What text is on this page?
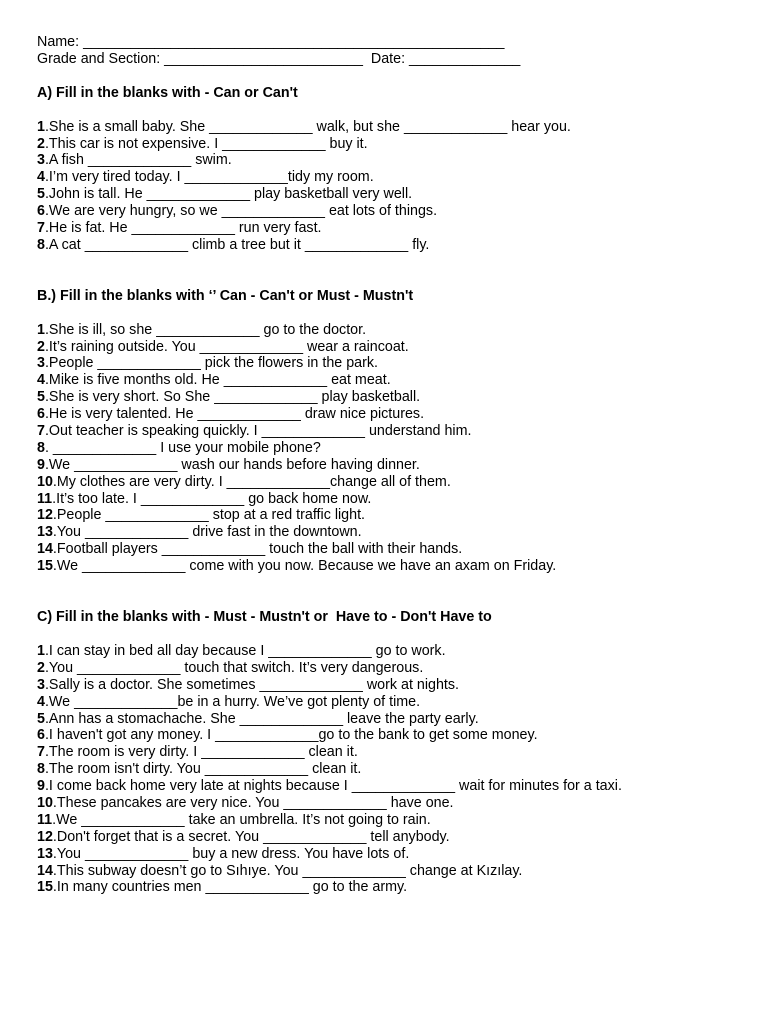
Name: _____________________________________________________
Grade and Section: _________________________  Date: ______________
A) Fill in the blanks with - Can or Can't
1.She is a small baby. She _____________ walk, but she _____________ hear you.
2.This car is not expensive. I _____________ buy it.
3.A fish _____________ swim.
4.I’m very tired today. I _____________tidy my room.
5.John is tall. He _____________ play basketball very well.
6.We are very hungry, so we _____________ eat lots of things.
7.He is fat. He _____________ run very fast.
8.A cat _____________ climb a tree but it _____________ fly.
B.) Fill in the blanks with ‘’ Can - Can't or Must - Mustn't
1.She is ill, so she _____________ go to the doctor.
2.It’s raining outside. You _____________ wear a raincoat.
3.People _____________ pick the flowers in the park.
4.Mike is five months old. He _____________ eat meat.
5.She is very short. So She _____________ play basketball.
6.He is very talented. He _____________ draw nice pictures.
7.Out teacher is speaking quickly. I _____________ understand him.
8. _____________ I use your mobile phone?
9.We _____________ wash our hands before having dinner.
10.My clothes are very dirty. I _____________change all of them.
11.It’s too late. I _____________ go back home now.
12.People _____________ stop at a red traffic light.
13.You _____________ drive fast in the downtown.
14.Football players _____________ touch the ball with their hands.
15.We _____________ come with you now. Because we have an axam on Friday.
C) Fill in the blanks with - Must - Mustn't or  Have to - Don't Have to
1.I can stay in bed all day because I _____________ go to work.
2.You _____________ touch that switch. It’s very dangerous.
3.Sally is a doctor. She sometimes _____________ work at nights.
4.We _____________be in a hurry. We’ve got plenty of time.
5.Ann has a stomachache. She _____________ leave the party early.
6.I haven't got any money. I _____________go to the bank to get some money.
7.The room is very dirty. I _____________ clean it.
8.The room isn't dirty. You _____________ clean it.
9.I come back home very late at nights because I _____________ wait for minutes for a taxi.
10.These pancakes are very nice. You _____________ have one.
11.We _____________ take an umbrella. It’s not going to rain.
12.Don't forget that is a secret. You _____________ tell anybody.
13.You _____________ buy a new dress. You have lots of.
14.This subway doesn’t go to Sıhıye. You _____________ change at Kızılay.
15.In many countries men _____________ go to the army.
